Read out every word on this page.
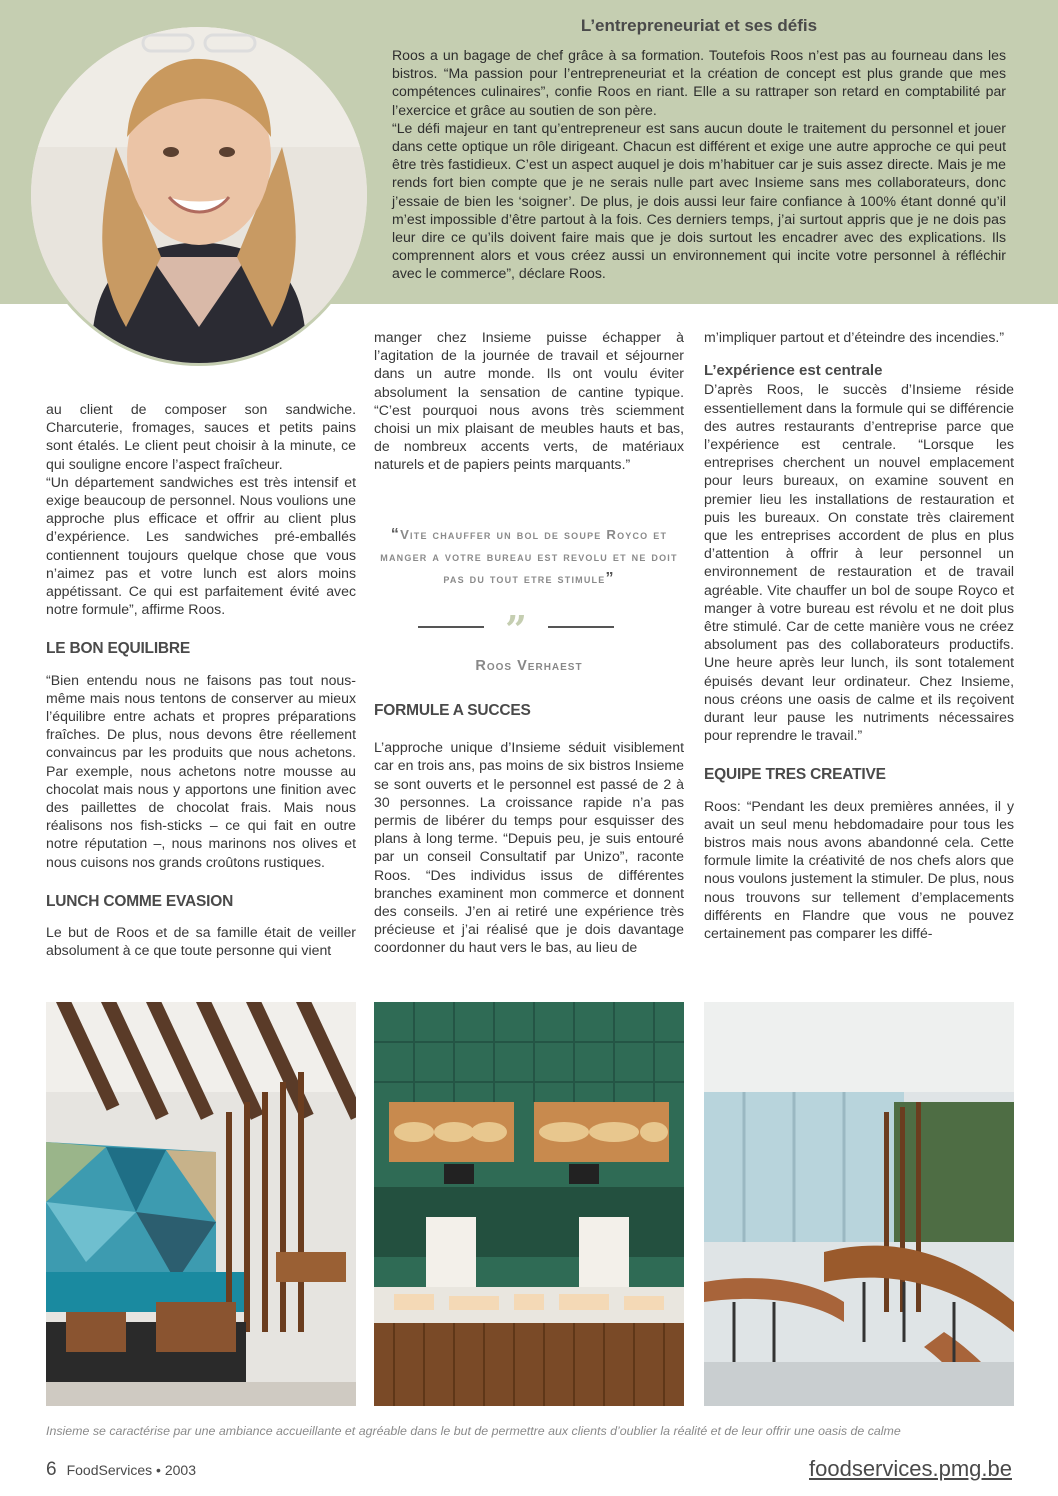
L’entrepreneuriat et ses défis

Roos a un bagage de chef grâce à sa formation. Toutefois Roos n’est pas au fourneau dans les bistros. “Ma passion pour l’entrepreneuriat et la création de concept est plus grande que mes compétences culinaires”, confie Roos en riant. Elle a su rattraper son retard en comptabilité par l’exercice et grâce au soutien de son père.

“Le défi majeur en tant qu’entrepreneur est sans aucun doute le traitement du personnel et jouer dans cette optique un rôle dirigeant. Chacun est différent et exige une autre approche ce qui peut être très fastidieux. C’est un aspect auquel je dois m’habituer car je suis assez directe. Mais je me rends fort bien compte que je ne serais nulle part avec Insieme sans mes collaborateurs, donc j’essaie de bien les ‘soigner’. De plus, je dois aussi leur faire confiance à 100% étant donné qu’il m’est impossible d’être partout à la fois. Ces derniers temps, j’ai surtout appris que je ne dois pas leur dire ce qu’ils doivent faire mais que je dois surtout les encadrer avec des explications. Ils comprennent alors et vous créez aussi un environnement qui incite votre personnel à réfléchir avec le commerce”, déclare Roos.

au client de composer son sandwiche. Charcuterie, fromages, sauces et petits pains sont étalés. Le client peut choisir à la minute, ce qui souligne encore l’aspect fraîcheur.

“Un département sandwiches est très intensif et exige beaucoup de personnel. Nous voulions une approche plus efficace et offrir au client plus d’expérience. Les sandwiches pré-emballés contiennent toujours quelque chose que vous n’aimez pas et votre lunch est alors moins appétissant. Ce qui est parfaitement évité avec notre formule”, affirme Roos.

LE BON EQUILIBRE

“Bien entendu nous ne faisons pas tout nous-même mais nous tentons de conserver au mieux l’équilibre entre achats et propres préparations fraîches. De plus, nous devons être réellement convaincus par les produits que nous achetons. Par exemple, nous achetons notre mousse au chocolat mais nous y apportons une finition avec des paillettes de chocolat frais. Mais nous réalisons nos fish-sticks – ce qui fait en outre notre réputation –, nous marinons nos olives et nous cuisons nos grands croûtons rustiques.

LUNCH COMME EVASION

Le but de Roos et de sa famille était de veiller absolument à ce que toute personne qui vient

manger chez Insieme puisse échapper à l’agitation de la journée de travail et séjourner dans un autre monde. Ils ont voulu éviter absolument la sensation de cantine typique. “C’est pourquoi nous avons très sciemment choisi un mix plaisant de meubles hauts et bas, de nombreux accents verts, de matériaux naturels et de papiers peints marquants.”

“Vite chauffer un bol de soupe Royco et manger a votre bureau est revolu et ne doit pas du tout etre stimule”
”
Roos Verhaest
FORMULE A SUCCES

L’approche unique d’Insieme séduit visiblement car en trois ans, pas moins de six bistros Insieme se sont ouverts et le personnel est passé de 2 à 30 personnes. La croissance rapide n’a pas permis de libérer du temps pour esquisser des plans à long terme. “Depuis peu, je suis entouré par un conseil Consultatif par Unizo”, raconte Roos. “Des individus issus de différentes branches examinent mon commerce et donnent des conseils. J’en ai retiré une expérience très précieuse et j’ai réalisé que je dois davantage coordonner du haut vers le bas, au lieu de

m’impliquer partout et d’éteindre des incendies.”

L’expérience est centrale

D’après Roos, le succès d’Insieme réside essentiellement dans la formule qui se différencie des autres restaurants d’entreprise parce que l’expérience est centrale. “Lorsque les entreprises cherchent un nouvel emplacement pour leurs bureaux, on examine souvent en premier lieu les installations de restauration et puis les bureaux. On constate très clairement que les entreprises accordent de plus en plus d’attention à offrir à leur personnel un environnement de restauration et de travail agréable. Vite chauffer un bol de soupe Royco et manger à votre bureau est révolu et ne doit plus être stimulé. Car de cette manière vous ne créez absolument pas des collaborateurs productifs. Une heure après leur lunch, ils sont totalement épuisés devant leur ordinateur. Chez Insieme, nous créons une oasis de calme et ils reçoivent durant leur pause les nutriments nécessaires pour reprendre le travail.”

EQUIPE TRES CREATIVE

Roos: “Pendant les deux premières années, il y avait un seul menu hebdomadaire pour tous les bistros mais nous avons abandonné cela. Cette formule limite la créativité de nos chefs alors que nous voulons justement la stimuler. De plus, nous nous trouvons sur tellement d’emplacements différents en Flandre que vous ne pouvez certainement pas comparer les diffé-

Insieme se caractérise par une ambiance accueillante et agréable dans le but de permettre aux clients d’oublier la réalité et de leur offrir une oasis de calme
6 FoodServices • 2003	foodservices.pmg.be
